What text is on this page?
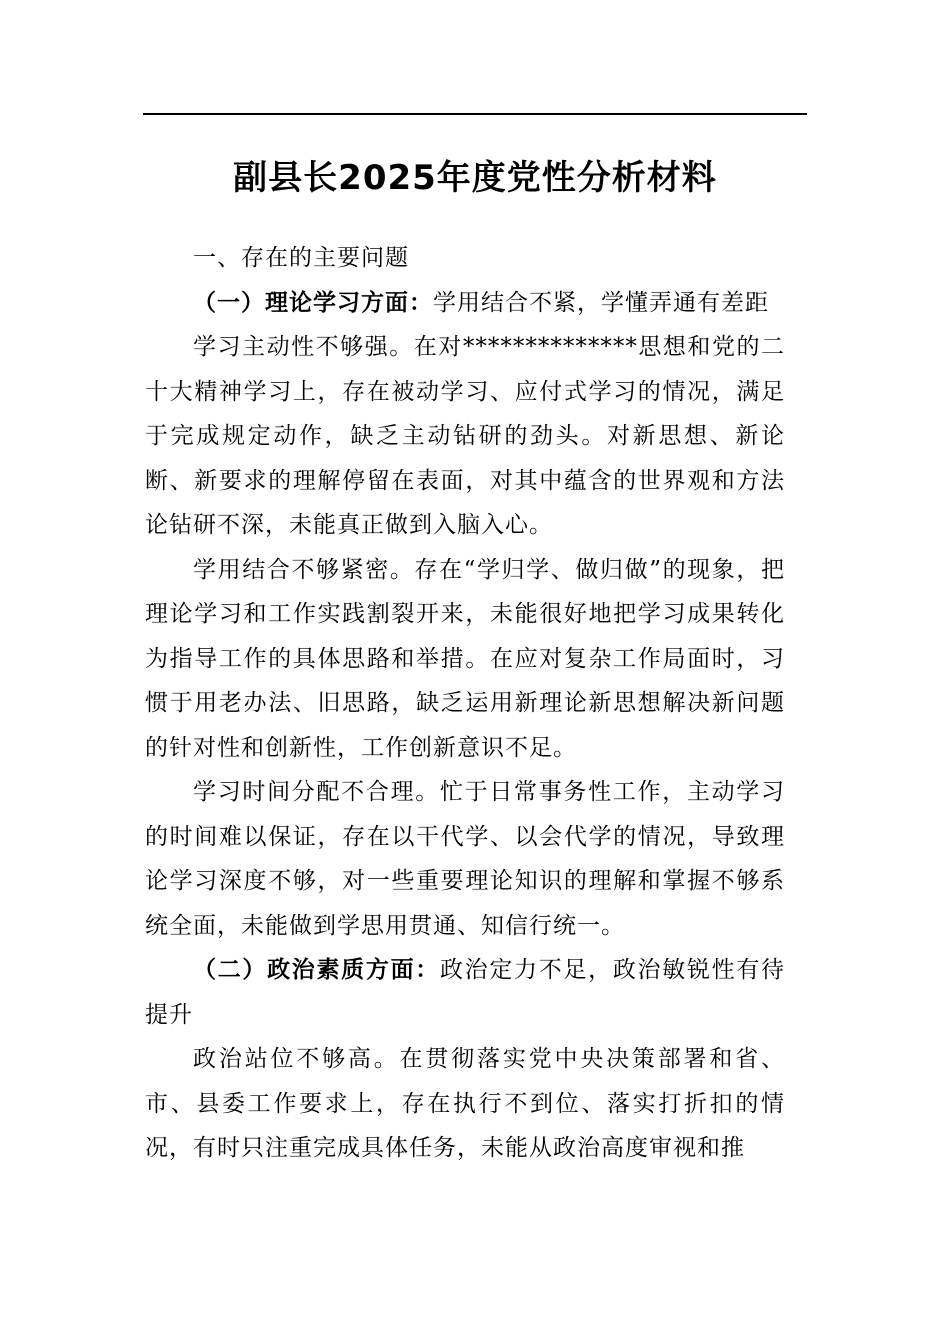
副县长2025年度党性分析材料

一、存在的主要问题

（一）理论学习方面：学用结合不紧，学懂弄通有差距

学习主动性不够强。在对**************思想和党的二十大精神学习上，存在被动学习、应付式学习的情况，满足于完成规定动作，缺乏主动钻研的劲头。对新思想、新论断、新要求的理解停留在表面，对其中蕴含的世界观和方法论钻研不深，未能真正做到入脑入心。

学用结合不够紧密。存在“学归学、做归做”的现象，把理论学习和工作实践割裂开来，未能很好地把学习成果转化为指导工作的具体思路和举措。在应对复杂工作局面时，习惯于用老办法、旧思路，缺乏运用新理论新思想解决新问题的针对性和创新性，工作创新意识不足。

学习时间分配不合理。忙于日常事务性工作，主动学习的时间难以保证，存在以干代学、以会代学的情况，导致理论学习深度不够，对一些重要理论知识的理解和掌握不够系统全面，未能做到学思用贯通、知信行统一。

（二）政治素质方面：政治定力不足，政治敏锐性有待提升

政治站位不够高。在贯彻落实党中央决策部署和省、市、县委工作要求上，存在执行不到位、落实打折扣的情况，有时只注重完成具体任务，未能从政治高度审视和推
